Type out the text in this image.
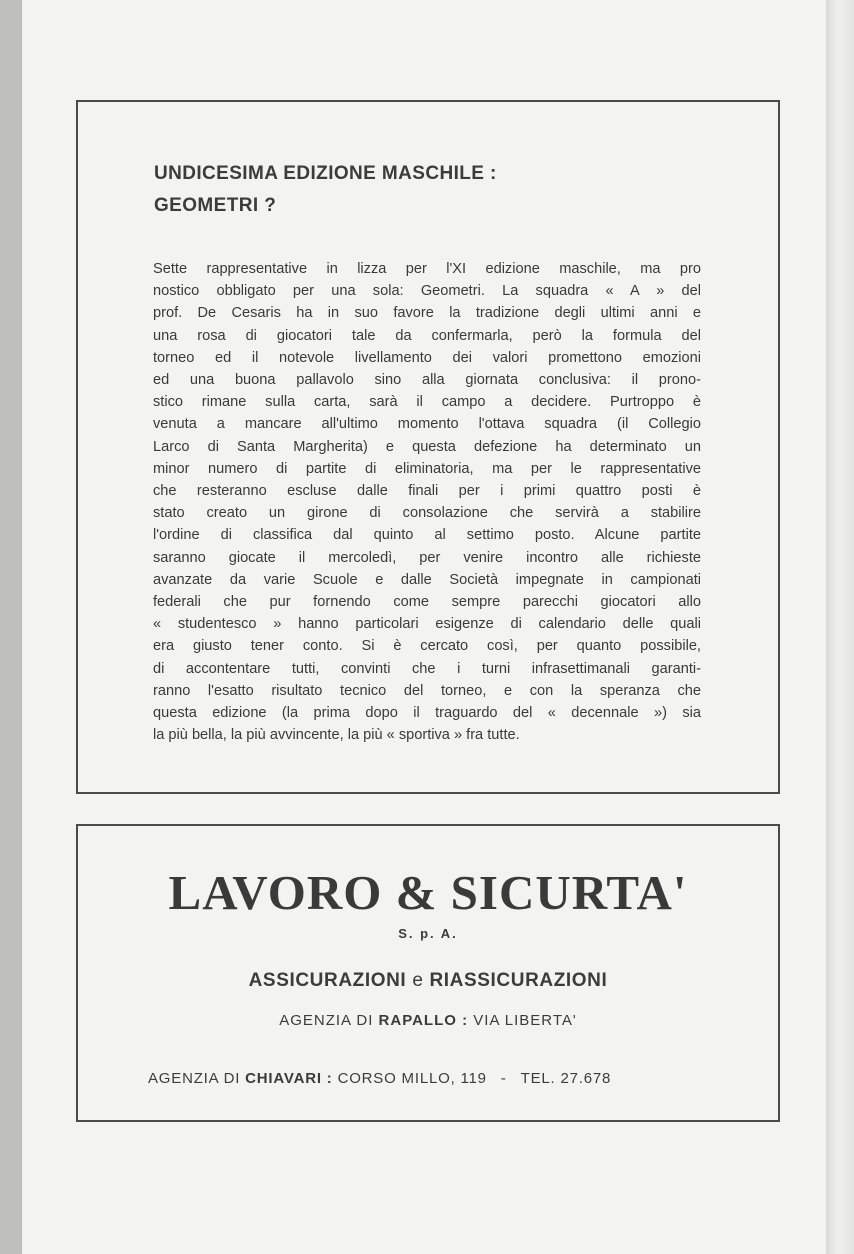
UNDICESIMA EDIZIONE MASCHILE :
GEOMETRI ?
Sette rappresentative in lizza per l'XI edizione maschile, ma pro
nostico obbligato per una sola: Geometri. La squadra « A » del
prof. De Cesaris ha in suo favore la tradizione degli ultimi anni e
una rosa di giocatori tale da confermarla, però la formula del
torneo ed il notevole livellamento dei valori promettono emozioni
ed una buona pallavolo sino alla giornata conclusiva: il prono-
stico rimane sulla carta, sarà il campo a decidere. Purtroppo è
venuta a mancare all'ultimo momento l'ottava squadra (il Collegio
Larco di Santa Margherita) e questa defezione ha determinato un
minor numero di partite di eliminatoria, ma per le rappresentative
che resteranno escluse dalle finali per i primi quattro posti è
stato creato un girone di consolazione che servirà a stabilire
l'ordine di classifica dal quinto al settimo posto. Alcune partite
saranno giocate il mercoledì, per venire incontro alle richieste
avanzate da varie Scuole e dalle Società impegnate in campionati
federali che pur fornendo come sempre parecchi giocatori allo
« studentesco » hanno particolari esigenze di calendario delle quali
era giusto tener conto. Si è cercato così, per quanto possibile,
di accontentare tutti, convinti che i turni infrasettimanali garanti-
ranno l'esatto risultato tecnico del torneo, e con la speranza che
questa edizione (la prima dopo il traguardo del « decennale ») sia
la più bella, la più avvincente, la più « sportiva » fra tutte.
LAVORO & SICURTA'
S. p. A.
ASSICURAZIONI e RIASSICURAZIONI
AGENZIA DI RAPALLO : VIA LIBERTA'
AGENZIA DI CHIAVARI : CORSO MILLO, 119 - TEL. 27.678
